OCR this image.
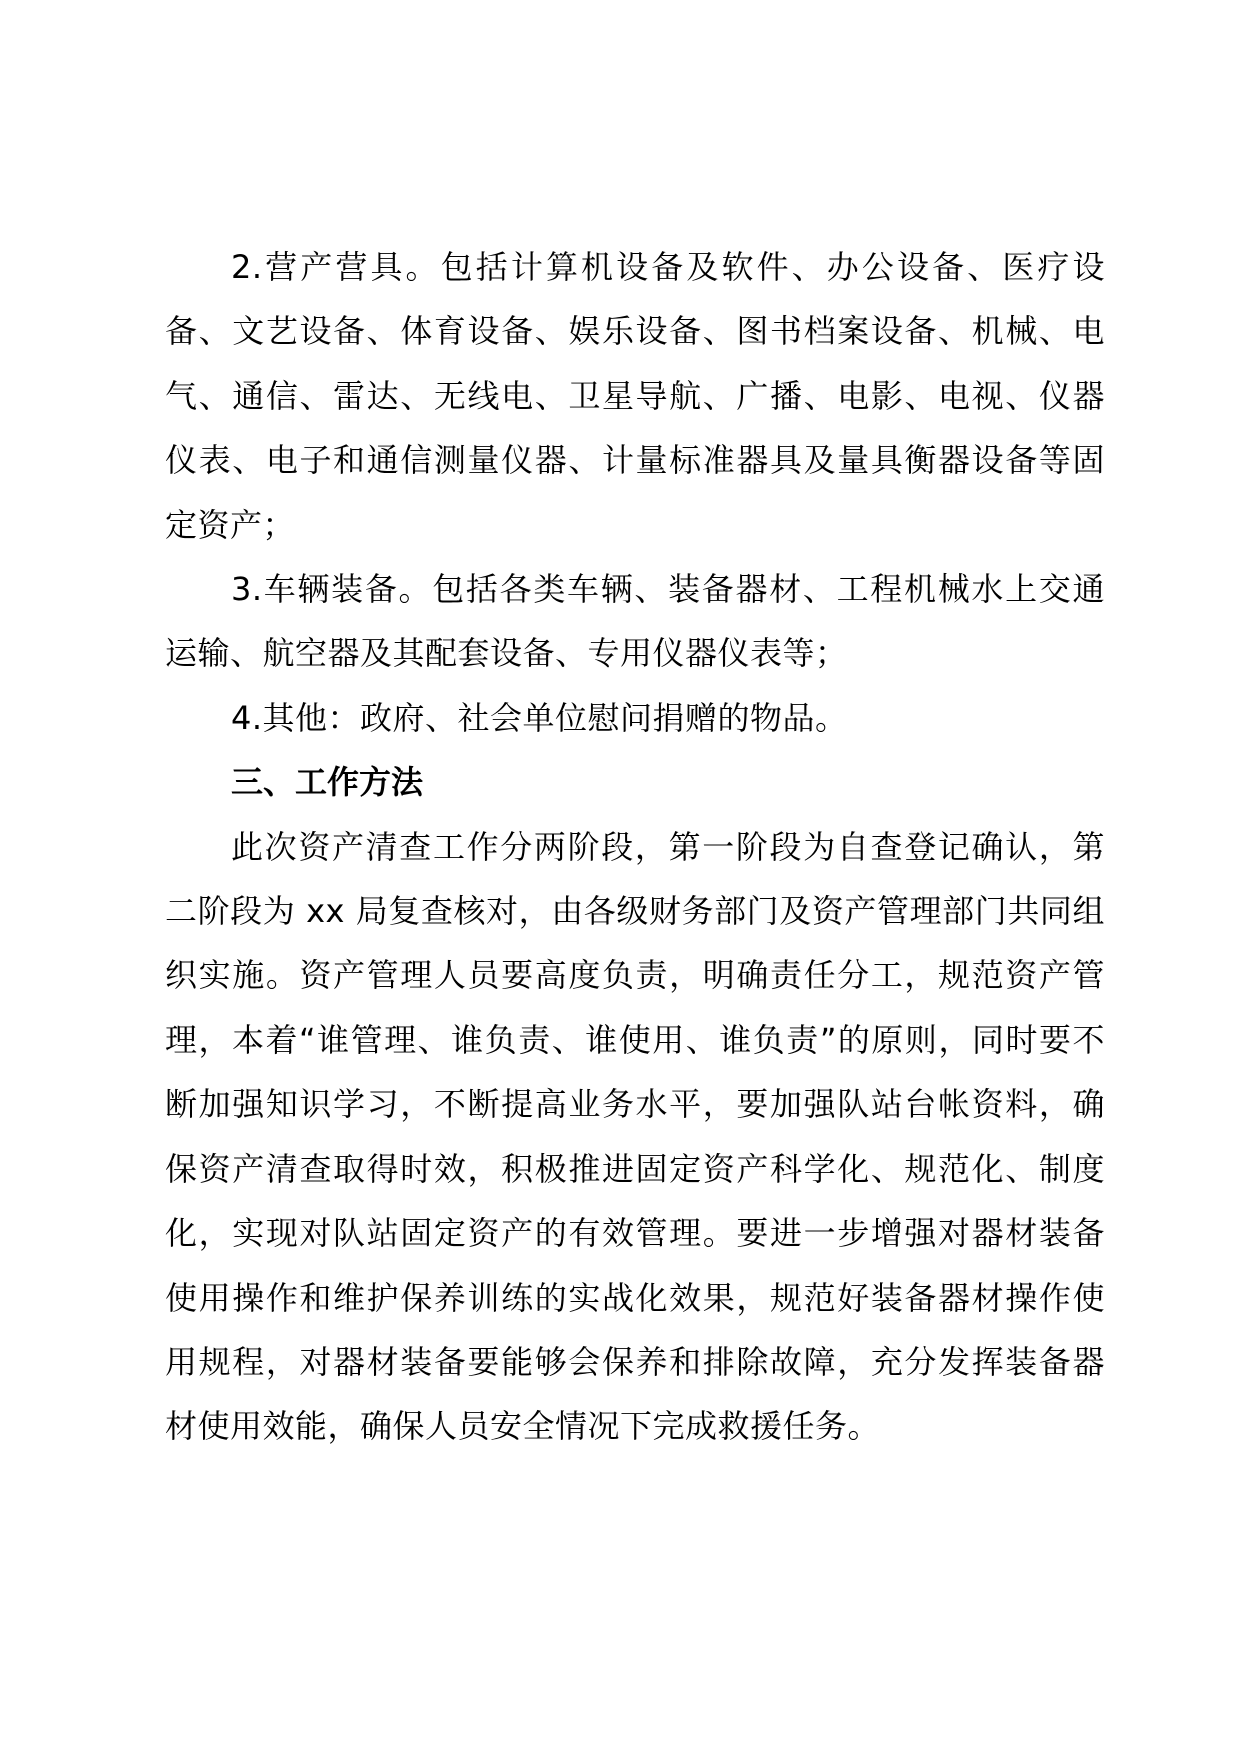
2.营产营具。包括计算机设备及软件、办公设备、医疗设备、文艺设备、体育设备、娱乐设备、图书档案设备、机械、电气、通信、雷达、无线电、卫星导航、广播、电影、电视、仪器仪表、电子和通信测量仪器、计量标准器具及量具衡器设备等固定资产；

3.车辆装备。包括各类车辆、装备器材、工程机械水上交通运输、航空器及其配套设备、专用仪器仪表等；

4.其他：政府、社会单位慰问捐赠的物品。

三、工作方法

此次资产清查工作分两阶段，第一阶段为自查登记确认，第二阶段为 xx 局复查核对，由各级财务部门及资产管理部门共同组织实施。资产管理人员要高度负责，明确责任分工，规范资产管理，本着“谁管理、谁负责、谁使用、谁负责”的原则，同时要不断加强知识学习，不断提高业务水平，要加强队站台帐资料，确保资产清查取得时效，积极推进固定资产科学化、规范化、制度化，实现对队站固定资产的有效管理。要进一步增强对器材装备使用操作和维护保养训练的实战化效果，规范好装备器材操作使用规程，对器材装备要能够会保养和排除故障，充分发挥装备器材使用效能，确保人员安全情况下完成救援任务。
